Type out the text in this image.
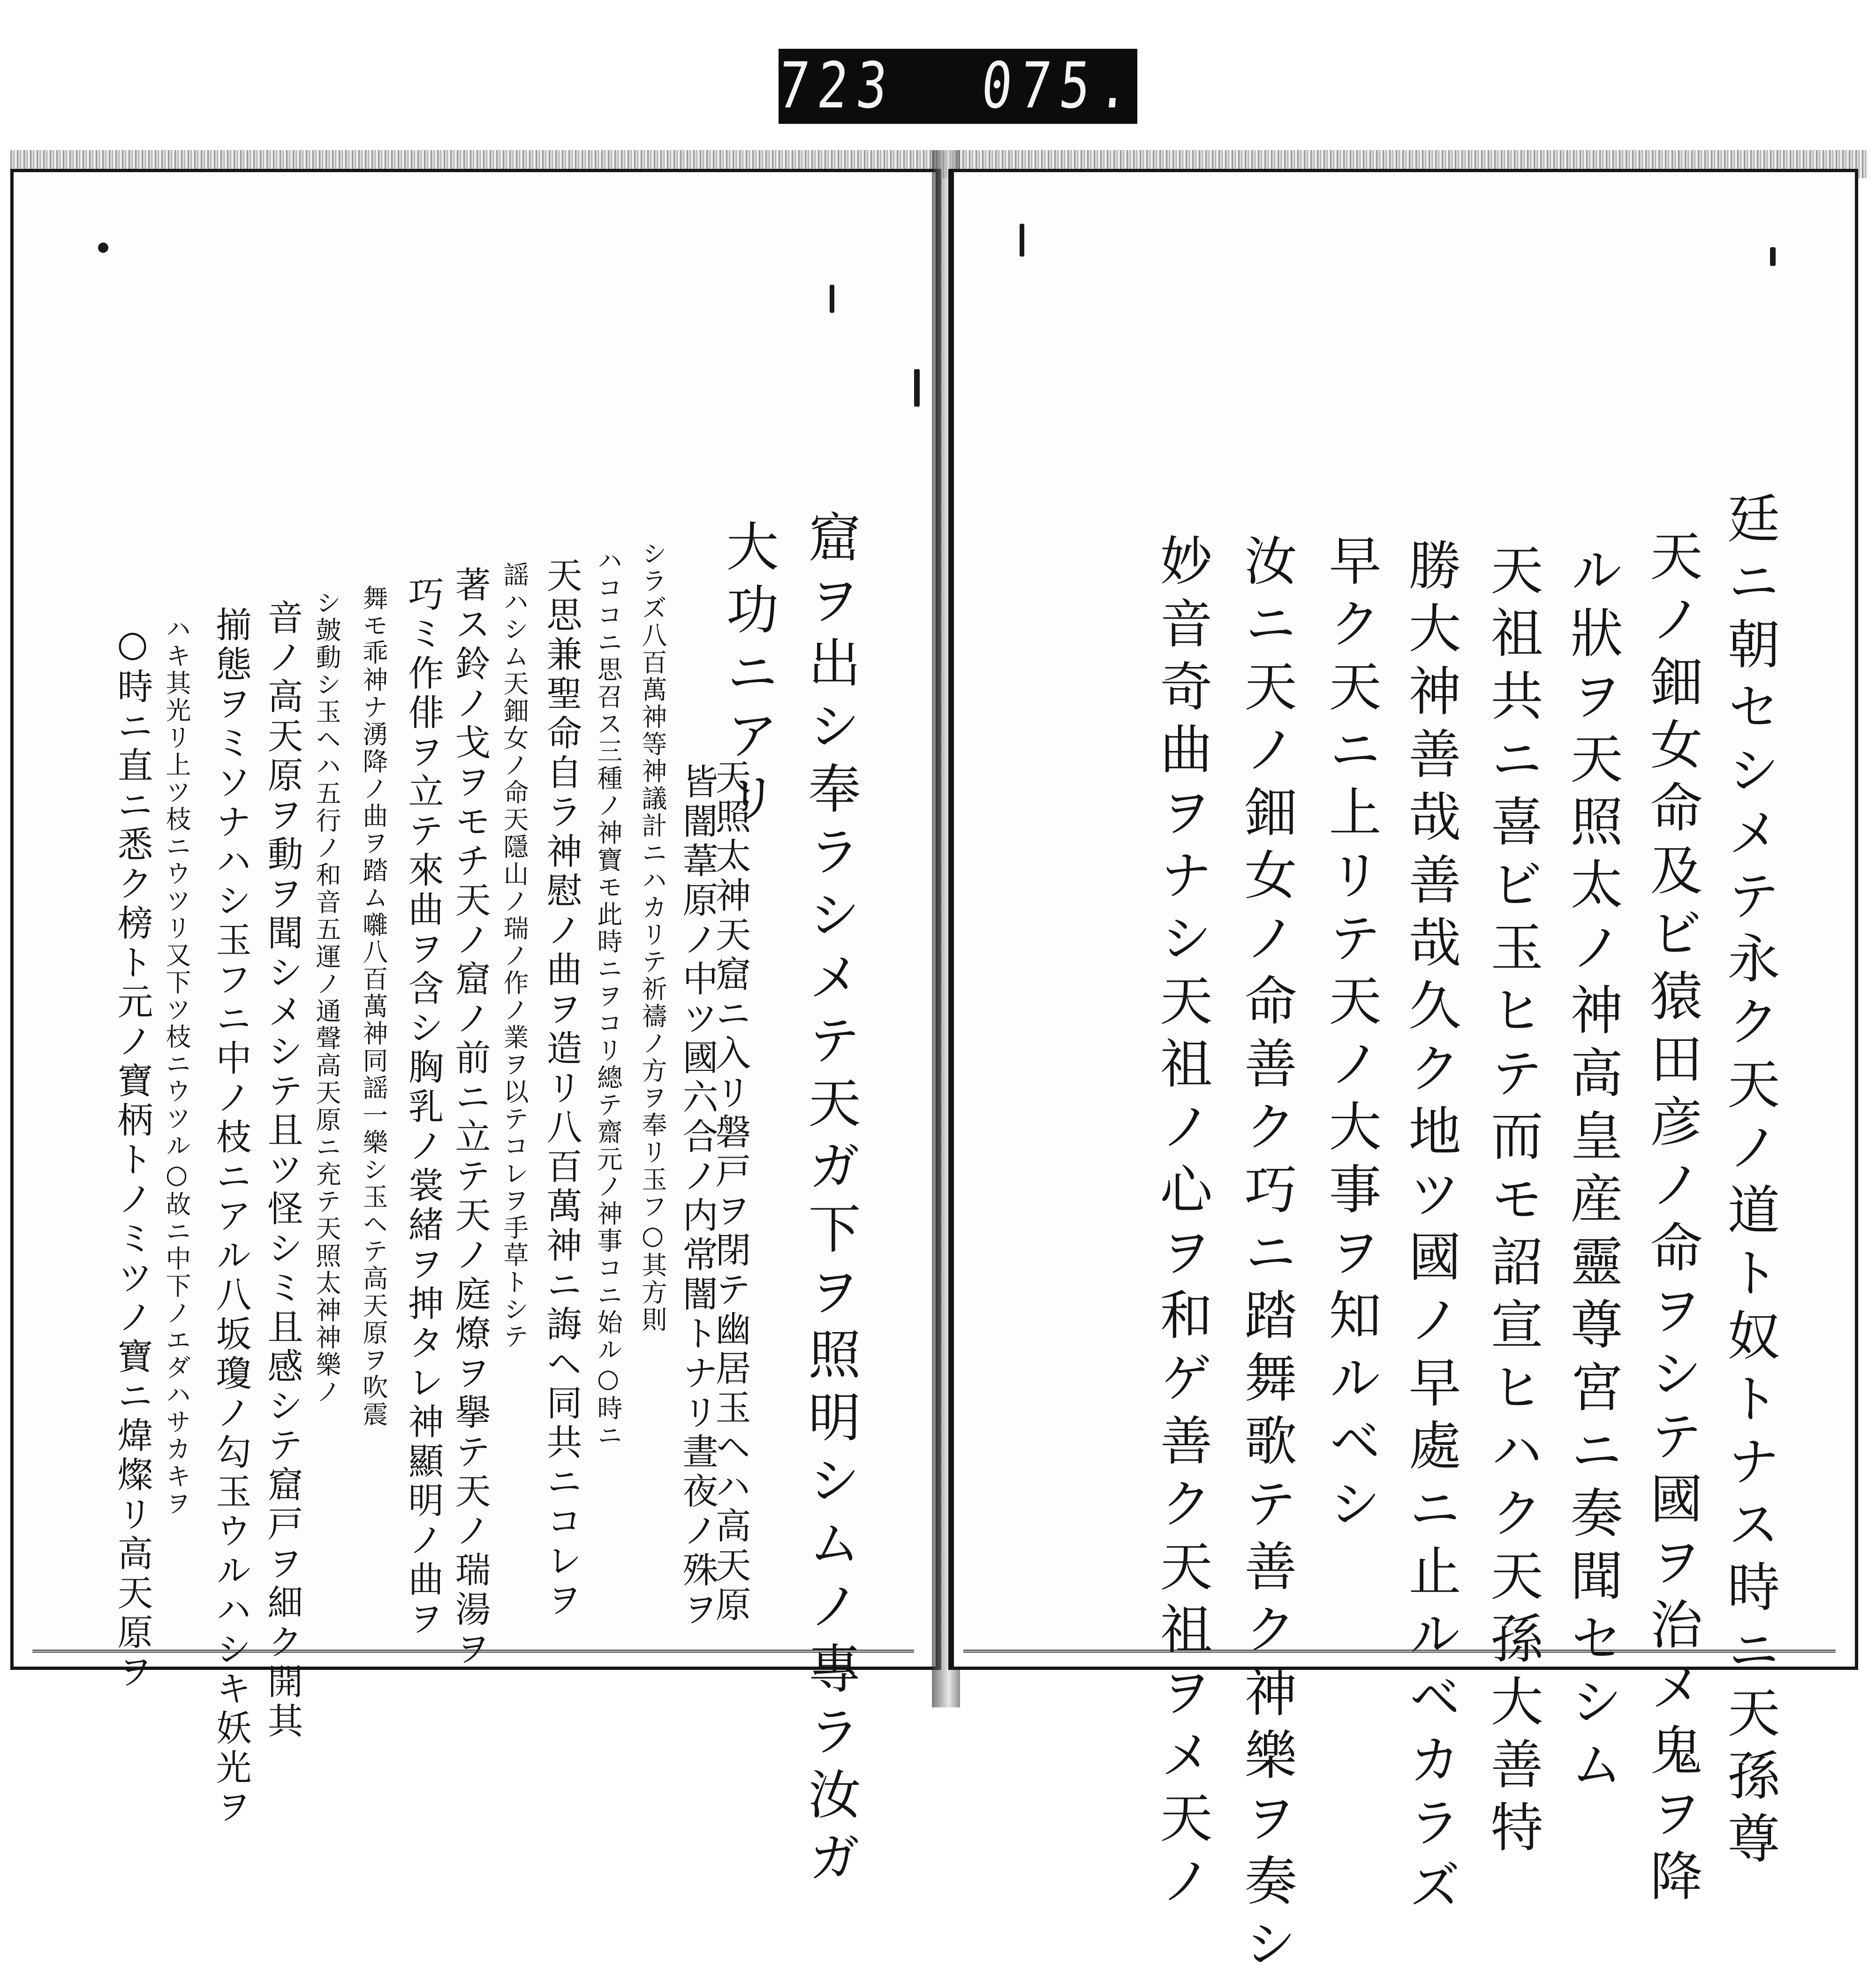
723 075.
窟ヲ出シ奉ラシメテ天ガ下ヲ照明シムノ專ラ汝ガ
大功ニアリ
天照太神天窟ニ入リ磐戸ヲ閉テ幽居玉ヘハ高天原
皆闇葦原ノ中ツ國六合ノ内常闇トナリ晝夜ノ殊ヲ
シラズ八百萬神等神議計ニハカリテ祈禱ノ方ヲ奉リ玉フ○其方則
ハココニ思召ス三種ノ神寶モ此時ニヲコリ總テ齋元ノ神事コニ始ル○時ニ
天思兼聖命自ラ神慰ノ曲ヲ造リ八百萬神ニ誨ヘ同共ニコレヲ
謡ハシム天鈿女ノ命天隱山ノ瑞ノ作ノ業ヲ以テコレヲ手草トシテ
著ス鈴ノ戈ヲモチ天ノ窟ノ前ニ立テ天ノ庭燎ヲ擧テ天ノ瑞湯ヲ
巧ミ作俳ヲ立テ來曲ヲ含シ胸乳ノ裳緒ヲ抻タレ神顯明ノ曲ヲ
舞モ乖神ナ湧降ノ曲ヲ踏ム囃八百萬神同謡一樂シ玉ヘテ高天原ヲ吹震
シ皷動シ玉ヘハ五行ノ和音五運ノ通聲高天原ニ充テ天照太神神樂ノ
音ノ高天原ヲ動ヲ聞シメシテ且ツ怪シミ且感シテ窟戸ヲ細ク開其
揃態ヲミソナハシ玉フニ中ノ枝ニアル八坂瓊ノ勾玉ウルハシキ妖光ヲ
ハキ其光リ上ツ枝ニウツリ又下ツ枝ニウツル○故ニ中下ノエダハサカキヲ
○時ニ直ニ悉ク榜ト元ノ寶柄トノミツノ寶ニ煒燦リ高天原ヲ	廷ニ朝セシメテ永ク天ノ道ト奴トナス時ニ天孫尊
天ノ鈿女命及ビ猿田彦ノ命ヲシテ國ヲ治メ鬼ヲ降
ル狀ヲ天照太ノ神高皇産靈尊宮ニ奏聞セシム
天祖共ニ喜ビ玉ヒテ而モ詔宣ヒハク天孫大善特
勝大神善哉善哉久ク地ツ國ノ早處ニ止ルベカラズ
早ク天ニ上リテ天ノ大事ヲ知ルベシ
汝ニ天ノ鈿女ノ命善ク巧ニ踏舞歌テ善ク神樂ヲ奏シ
妙音奇曲ヲナシ天祖ノ心ヲ和ゲ善ク天祖ヲメ天ノ
